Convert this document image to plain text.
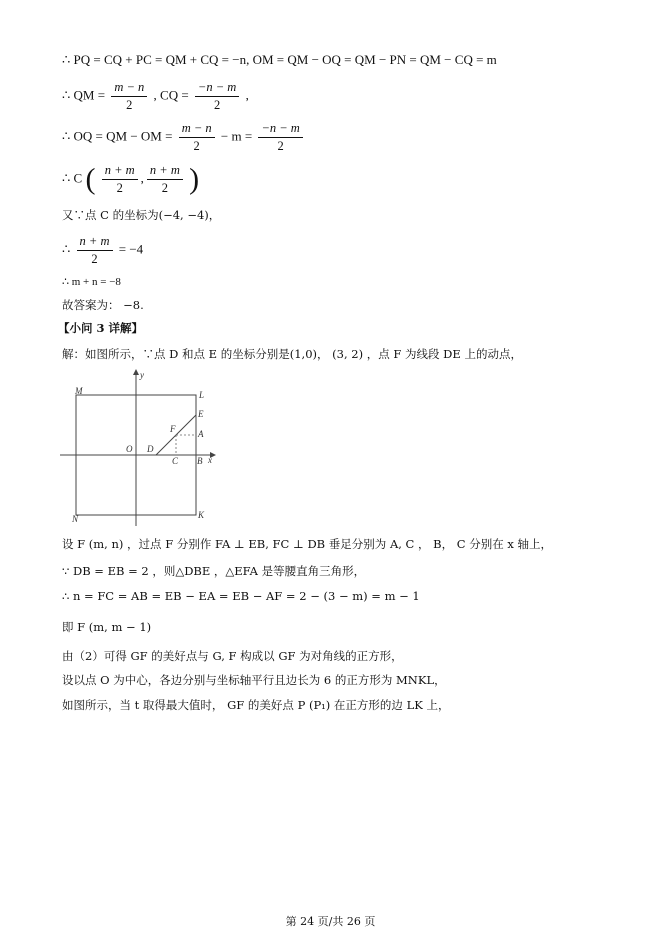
∴ PQ = CQ + PC = QM + CQ = −n, OM = QM − OQ = QM − PN = QM − CQ = m
∴ QM = $\frac{m - n}{2}$ , CQ = $\frac{-n - m}{2}$ ,
∴ OQ = QM − OM = $\frac{m - n}{2} - m = \frac{-n - m}{2}$
∴ C ( $\frac{n + m}{2}$ , $\frac{n + m}{2}$ )
又∵点 C 的坐标为(−4, −4)，
∴ $\frac{n + m}{2} = -4$
∴ m + n = −8
故答案为： −8.
【小问 3 详解】
解：如图所示，∵点 D 和点 E 的坐标分别是(1,0)， (3, 2) ，点 F 为线段 DE 上的动点，
M	L
N	K
y
x
O D
E
F	A
C B
设 F (m, n) ，过点 F 分别作 FA ⊥ EB, FC ⊥ DB 垂足分别为 A, C ， B， C 分别在 x 轴上，
∵ DB = EB = 2 ，则△DBE ，△EFA 是等腰直角三角形，
∴ n = FC = AB = EB − EA = EB − AF = 2 − (3 − m) = m − 1
即 F (m, m − 1)
由（2）可得 GF 的美好点与 G, F 构成以 GF 为对角线的正方形，
设以点 O 为中心，各边分别与坐标轴平行且边长为 6 的正方形为 MNKL，
如图所示，当 t 取得最大值时， GF 的美好点 P (P₁) 在正方形的边 LK 上，
第 24 页/共 26 页
